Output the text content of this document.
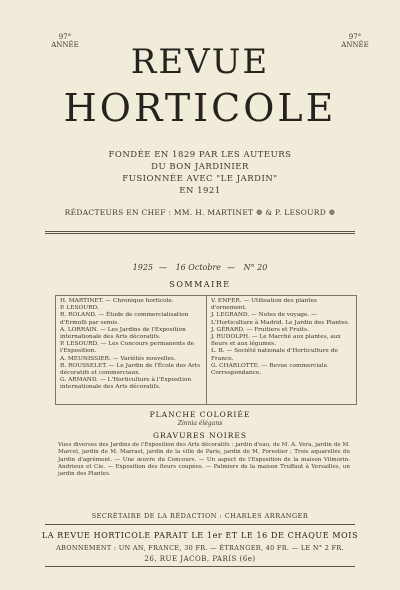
97°
ANNÉE
97°
ANNÉE
REVUE
HORTICOLE
FONDÉE EN 1829 PAR LES AUTEURS
DU BON JARDINIER
FUSIONNÉE AVEC "LE JARDIN"
EN 1921
RÉDACTEURS EN CHEF : MM. H. MARTINET ❁ & P. LESOURD ❁
1925 — 16 Octobre — N° 20
SOMMAIRE
H. MARTINET. — Chronique horticole.
P. LESOURD.
R. ROLAND. — Étude de commercialisation d'Ermolli par semis.
A. LORRAIN. — Les Jardins de l'Exposition internationale des Arts décoratifs.
P. LESOURD. — Les Concours permanents de l'Exposition.
A. MEUNISSIER. — Variétés nouvelles.
R. ROUSSELET. — Le Jardin de l'École des Arts décoratifs et commerciaux.
G. ARMAND. — L'Horticulture à l'Exposition internationale des Arts décoratifs.
V. ENFER. — Utilisation des plantes d'ornement.
J. LEGRAND. — Notes de voyage. — L'Horticulture à Madrid. Le Jardin des Plantes.
J. GÉRARD. — Fruitiers et Fruits.
J. RUDOLPH. — Le Marché aux plantes, aux fleurs et aux légumes.
L. B. — Société nationale d'Horticulture de France.
G. CHARLOTTE. — Revue commerciale. Correspondance.
PLANCHE COLORIÉE
Zinnia élégans
GRAVURES NOIRES
Vues diverses des Jardins de l'Exposition des Arts décoratifs : jardin d'eau, de M. A. Vera, jardin de M. Marcel, jardin de M. Marrast, jardin de la ville de Paris, jardin de M. Forestier ; Trois aquarelles du Jardin d'agrément. — Une œuvre du Concours. — Un aspect de l'Exposition de la maison Vilmorin-Andrieux et Cie. — Exposition des fleurs coupées. — Palmiers de la maison Truffaut à Versailles, un jardin des Plantes.
SECRÉTAIRE DE LA RÉDACTION : CHARLES ARRANGER
LA REVUE HORTICOLE PARAIT LE 1er ET LE 16 DE CHAQUE MOIS
ABONNEMENT : UN AN, FRANCE, 30 FR. — ÉTRANGER, 40 FR. — LE N° 2 FR.
26, RUE JACOB, PARIS (6e)
